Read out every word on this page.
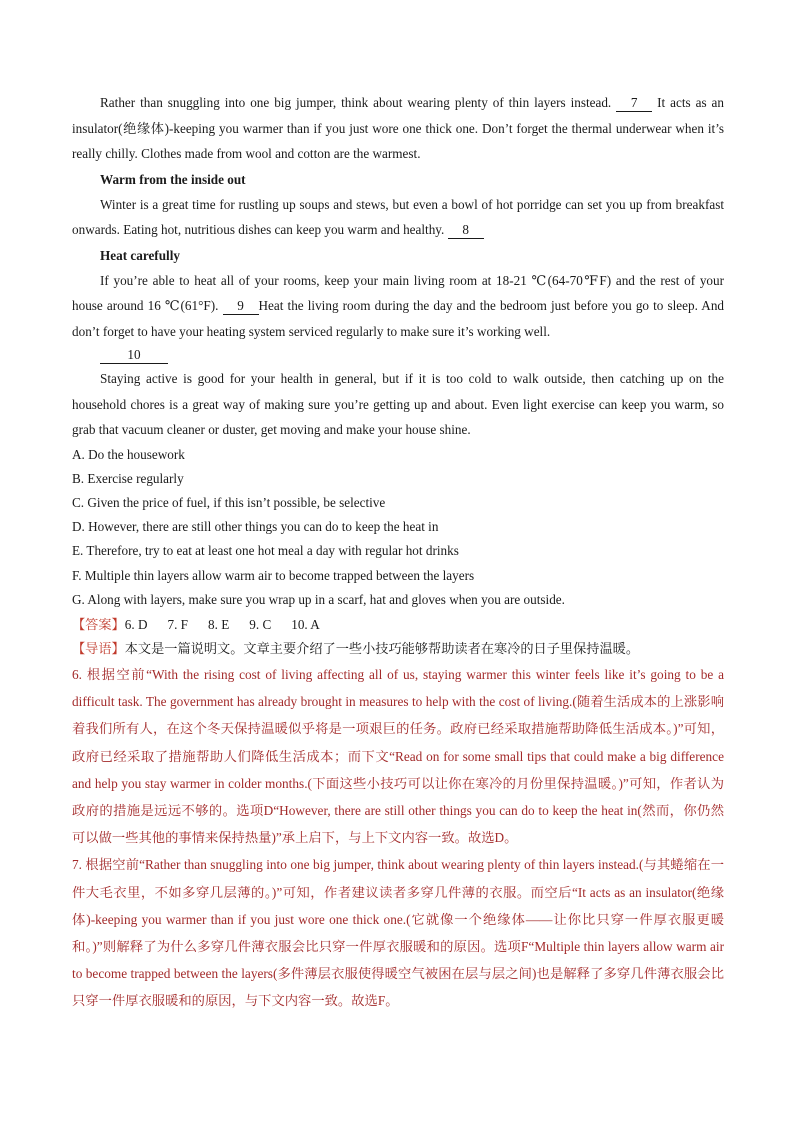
Rather than snuggling into one big jumper, think about wearing plenty of thin layers instead. 7 It acts as an insulator(绝缘体)-keeping you warmer than if you just wore one thick one. Don’t forget the thermal underwear when it’s really chilly. Clothes made from wool and cotton are the warmest.

Warm from the inside out

Winter is a great time for rustling up soups and stews, but even a bowl of hot porridge can set you up from breakfast onwards. Eating hot, nutritious dishes can keep you warm and healthy. 8

Heat carefully

If you’re able to heat all of your rooms, keep your main living room at 18-21 ℃(64-70℉F) and the rest of your house around 16 ℃(61°F). 9 Heat the living room during the day and the bedroom just before you go to sleep. And don’t forget to have your heating system serviced regularly to make sure it’s working well.

10

Staying active is good for your health in general, but if it is too cold to walk outside, then catching up on the household chores is a great way of making sure you’re getting up and about. Even light exercise can keep you warm, so grab that vacuum cleaner or duster, get moving and make your house shine.

A. Do the housework

B. Exercise regularly

C. Given the price of fuel, if this isn’t possible, be selective

D. However, there are still other things you can do to keep the heat in

E. Therefore, try to eat at least one hot meal a day with regular hot drinks

F. Multiple thin layers allow warm air to become trapped between the layers

G. Along with layers, make sure you wrap up in a scarf, hat and gloves when you are outside.

【答案】6. D 7. F 8. E 9. C 10. A

【导语】本文是一篇说明文。文章主要介绍了一些小技巧能够帮助读者在寒冷的日子里保持温暖。

6. 根据空前“With the rising cost of living affecting all of us, staying warmer this winter feels like it’s going to be a difficult task. The government has already brought in measures to help with the cost of living.(随着生活成本的上涨影响着我们所有人，在这个冬天保持温暖似乎将是一项艰巨的任务。政府已经采取措施帮助降低生活成本。)”可知，政府已经采取了措施帮助人们降低生活成本；而下文“Read on for some small tips that could make a big difference and help you stay warmer in colder months.(下面这些小技巧可以让你在寒冷的月份里保持温暖。)”可知，作者认为政府的措施是远远不够的。选项D“However, there are still other things you can do to keep the heat in(然而，你仍然可以做一些其他的事情来保持热量)”承上启下，与上下文内容一致。故选D。

7. 根据空前“Rather than snuggling into one big jumper, think about wearing plenty of thin layers instead.(与其蜷缩在一件大毛衣里，不如多穿几层薄的。)”可知，作者建议读者多穿几件薄的衣服。而空后“It acts as an insulator(绝缘体)-keeping you warmer than if you just wore one thick one.(它就像一个绝缘体——让你比只穿一件厚衣服更暖和。)”则解释了为什么多穿几件薄衣服会比只穿一件厚衣服暖和的原因。选项F“Multiple thin layers allow warm air to become trapped between the layers(多件薄层衣服使得暖空气被困在层与层之间)也是解释了多穿几件薄衣服会比只穿一件厚衣服暖和的原因，与下文内容一致。故选F。
